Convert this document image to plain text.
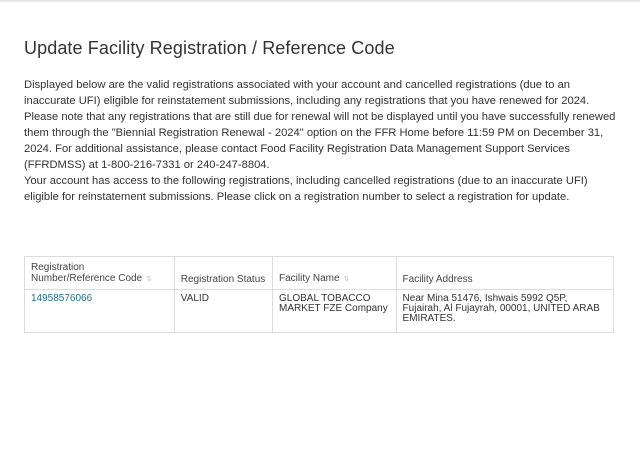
Update Facility Registration / Reference Code

Displayed below are the valid registrations associated with your account and cancelled registrations (due to an inaccurate UFI) eligible for reinstatement submissions, including any registrations that you have renewed for 2024. Please note that any registrations that are still due for renewal will not be displayed until you have successfully renewed them through the "Biennial Registration Renewal - 2024" option on the FFR Home before 11:59 PM on December 31, 2024. For additional assistance, please contact Food Facility Registration Data Management Support Services (FFRDMSS) at 1-800-216-7331 or 240-247-8804.

Your account has access to the following registrations, including cancelled registrations (due to an inaccurate UFI) eligible for reinstatement submissions. Please click on a registration number to select a registration for update.

Registration Number/Reference Code ⇅	Registration Status	Facility Name ⇅	Facility Address
14958576066	VALID	GLOBAL TOBACCO MARKET FZE Company	Near Mina 51476, Ishwais 5992 Q5P, Fujairah, Al Fujayrah, 00001, UNITED ARAB EMIRATES.
